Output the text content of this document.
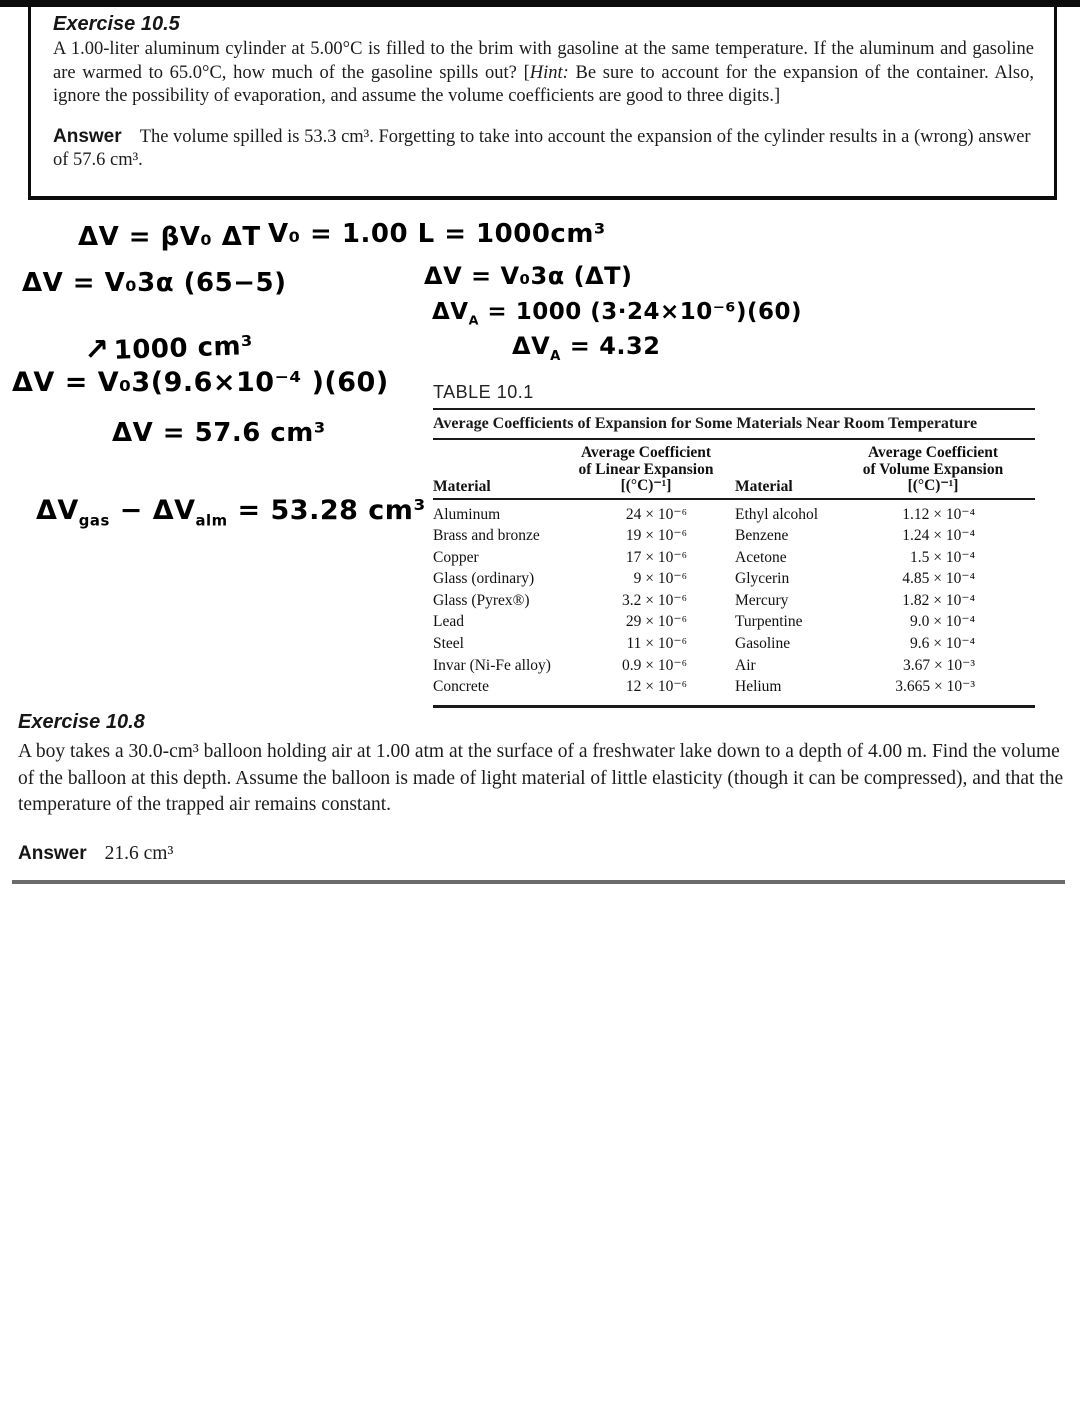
Exercise 10.5

A 1.00-liter aluminum cylinder at 5.00°C is filled to the brim with gasoline at the same temperature. If the aluminum and gasoline are warmed to 65.0°C, how much of the gasoline spills out? [Hint: Be sure to account for the expansion of the container. Also, ignore the possibility of evaporation, and assume the volume coefficients are good to three digits.]

Answer The volume spilled is 53.3 cm³. Forgetting to take into account the expansion of the cylinder results in a (wrong) answer of 57.6 cm³.

ΔV = βV₀ ΔT V₀ = 1.00 L = 1000cm³
ΔV = V₀3α (65−5)	ΔV = V₀3α (ΔT)
$\Delta V_A = 1000$ (3·24×10⁻⁶)(60)
$\Delta V_A = 4.32$
↗ 1000 cm³
ΔV = V₀3(9.6×10⁻⁴ )(60)
ΔV = 57.6 cm³
$\Delta V_{gas} - \Delta V_{alm} = 53.28$ cm³
TABLE 10.1
Average Coefficients of Expansion for Some Materials Near Room Temperature
Material
Average Coefficient
of Linear Expansion
[(°C)⁻¹]	Material
Average Coefficient
of Volume Expansion
[(°C)⁻¹]
Aluminum	24 × 10⁻⁶	Ethyl alcohol	1.12 × 10⁻⁴
Brass and bronze	19 × 10⁻⁶	Benzene	1.24 × 10⁻⁴
Copper	17 × 10⁻⁶	Acetone	1.5 × 10⁻⁴
Glass (ordinary)	9 × 10⁻⁶	Glycerin	4.85 × 10⁻⁴
Glass (Pyrex®)	3.2 × 10⁻⁶	Mercury	1.82 × 10⁻⁴
Lead	29 × 10⁻⁶	Turpentine	9.0 × 10⁻⁴
Steel	11 × 10⁻⁶	Gasoline	9.6 × 10⁻⁴
Invar (Ni-Fe alloy)	0.9 × 10⁻⁶	Air	3.67 × 10⁻³
Concrete	12 × 10⁻⁶	Helium	3.665 × 10⁻³
Exercise 10.8

A boy takes a 30.0-cm³ balloon holding air at 1.00 atm at the surface of a freshwater lake down to a depth of 4.00 m. Find the volume of the balloon at this depth. Assume the balloon is made of light material of little elasticity (though it can be compressed), and that the temperature of the trapped air remains constant.

Answer 21.6 cm³
